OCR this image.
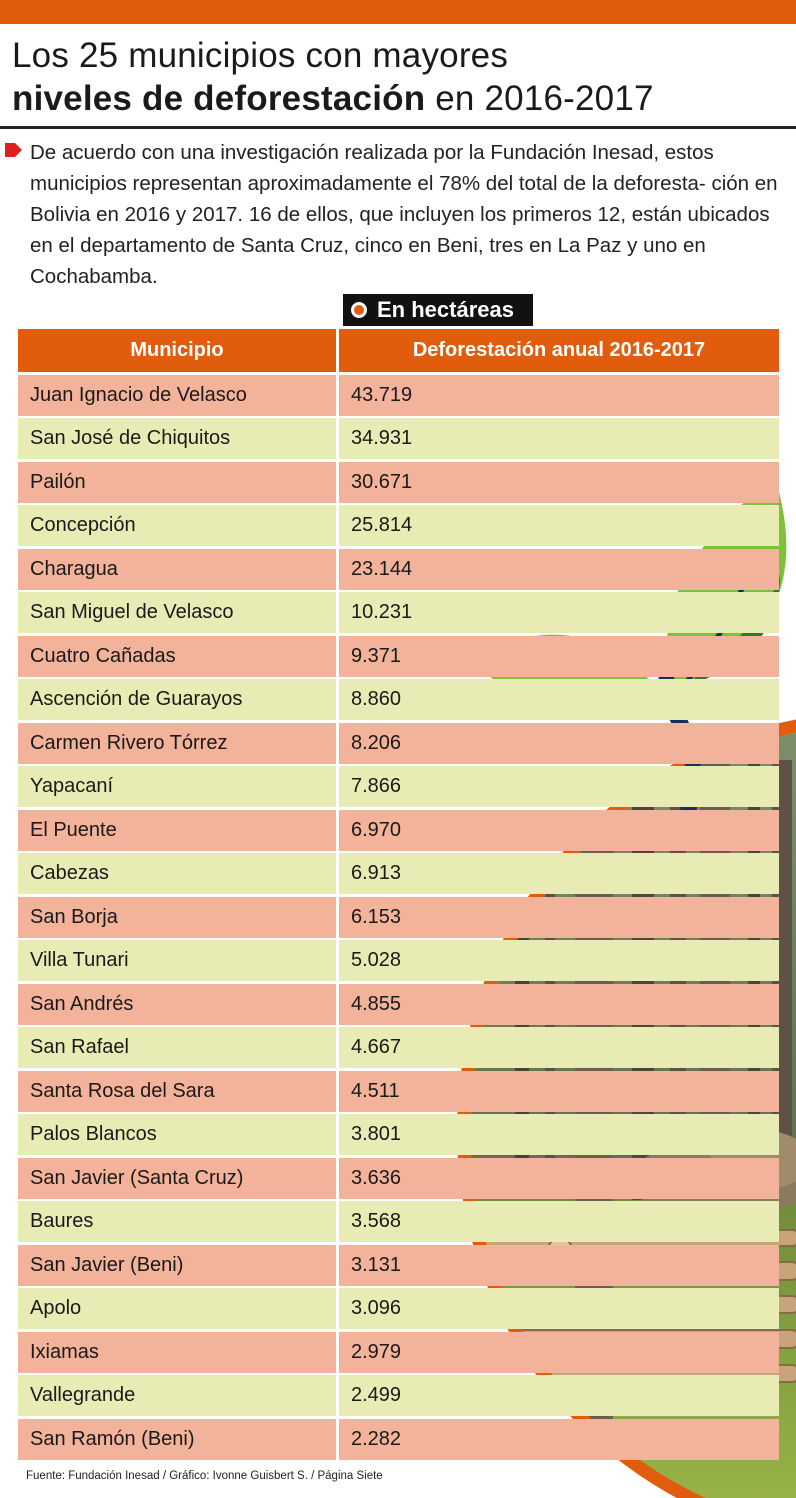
Los 25 municipios con mayores
niveles de deforestación en 2016-2017
De acuerdo con una investigación realizada por la Fundación Inesad, estos municipios representan aproximadamente el 78% del total de la deforesta- ción en Bolivia en 2016 y 2017. 16 de ellos, que incluyen los primeros 12, están ubicados en el departamento de Santa Cruz, cinco en Beni, tres en La Paz y uno en Cochabamba.
En hectáreas
Municipio	Deforestación anual 2016-2017
Juan Ignacio de Velasco	43.719
San José de Chiquitos	34.931
Pailón	30.671
Concepción	25.814
Charagua	23.144
San Miguel de Velasco	10.231
Cuatro Cañadas	9.371
Ascención de Guarayos	8.860
Carmen Rivero Tórrez	8.206
Yapacaní	7.866
El Puente	6.970
Cabezas	6.913
San Borja	6.153
Villa Tunari	5.028
San Andrés	4.855
San Rafael	4.667
Santa Rosa del Sara	4.511
Palos Blancos	3.801
San Javier (Santa Cruz)	3.636
Baures	3.568
San Javier (Beni)	3.131
Apolo	3.096
Ixiamas	2.979
Vallegrande	2.499
San Ramón (Beni)	2.282
Fuente: Fundación Inesad / Gráfico: Ivonne Guisbert S. / Página Siete
